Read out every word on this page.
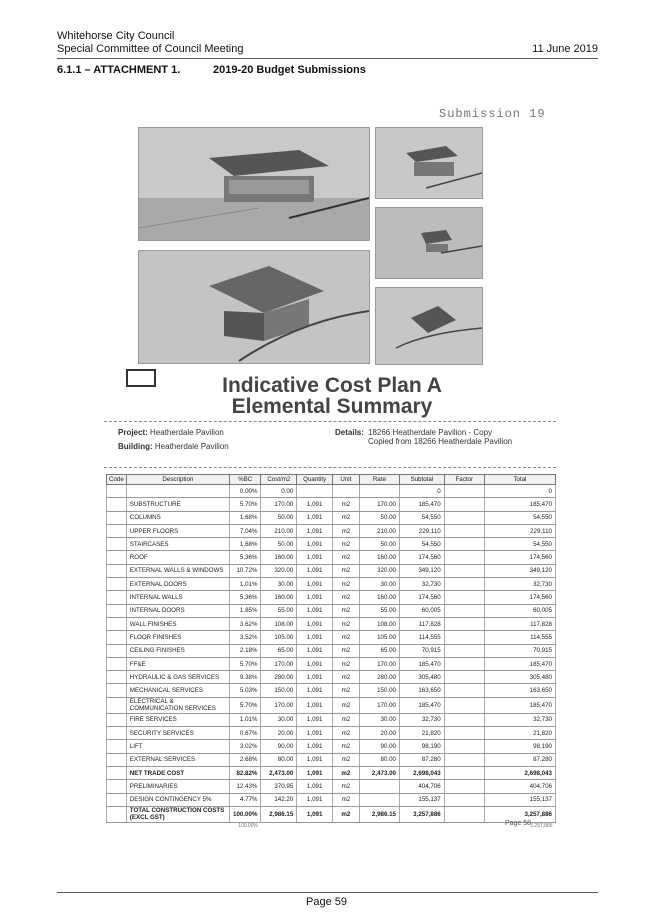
Whitehorse City Council
Special Committee of Council Meeting	11 June 2019
6.1.1 – ATTACHMENT 1.	2019-20 Budget Submissions
Submission 19

Indicative Cost Plan A
Elemental Summary
Project: Heatherdale Pavilion
Building: Heatherdale Pavilion
Details: 18266 Heatherdale Pavilion - Copy
Copied from 18266 Heatherdale Pavilion
Code	Description	%BC	Cost/m2	Quantity	Unit	Rate	Subtotal	Factor	Total
		0.00%	0.00				0		0
	SUBSTRUCTURE	5.70%	170.00	1,091	m2	170.00	185,470		185,470
	COLUMNS	1.68%	50.00	1,091	m2	50.00	54,550		54,550
	UPPER FLOORS	7.04%	210.00	1,091	m2	210.00	229,110		229,110
	STAIRCASES	1.68%	50.00	1,091	m2	50.00	54,550		54,550
	ROOF	5.36%	160.00	1,091	m2	160.00	174,560		174,560
	EXTERNAL WALLS & WINDOWS	10.72%	320.00	1,091	m2	320.00	349,120		349,120
	EXTERNAL DOORS	1.01%	30.00	1,091	m2	30.00	32,730		32,730
	INTERNAL WALLS	5.36%	160.00	1,091	m2	160.00	174,560		174,560
	INTERNAL DOORS	1.85%	55.00	1,091	m2	55.00	60,005		60,005
	WALL FINISHES	3.62%	108.00	1,091	m2	108.00	117,828		117,828
	FLOOR FINISHES	3.52%	105.00	1,091	m2	105.00	114,555		114,555
	CEILING FINISHES	2.18%	65.00	1,091	m2	65.00	70,915		70,915
	FF&E	5.70%	170.00	1,091	m2	170.00	185,470		185,470
	HYDRAULIC & GAS SERVICES	9.38%	280.00	1,091	m2	280.00	305,480		305,480
	MECHANICAL SERVICES	5.03%	150.00	1,091	m2	150.00	163,650		163,650
	ELECTRICAL & COMMUNICATION SERVICES	5.70%	170.00	1,091	m2	170.00	185,470		185,470
	FIRE SERVICES	1.01%	30.00	1,091	m2	30.00	32,730		32,730
	SECURITY SERVICES	0.67%	20.00	1,091	m2	20.00	21,820		21,820
	LIFT	3.02%	90.00	1,091	m2	90.00	98,190		98,190
	EXTERNAL SERVICES	2.68%	80.00	1,091	m2	80.00	87,280		87,280
	NET TRADE COST	82.82%	2,473.00	1,091	m2	2,473.00	2,698,043		2,698,043
	PRELIMINARIES	12.43%	370.95	1,091	m2		404,706		404,706
	DESIGN CONTINGENCY 5%	4.77%	142.20	1,091	m2		155,137		155,137
	TOTAL CONSTRUCTION COSTS (EXCL GST)	100.00%	2,986.15	1,091	m2	2,986.15	3,257,886		3,257,886
		100.00%							3,257,886
Page 58
Page 59
